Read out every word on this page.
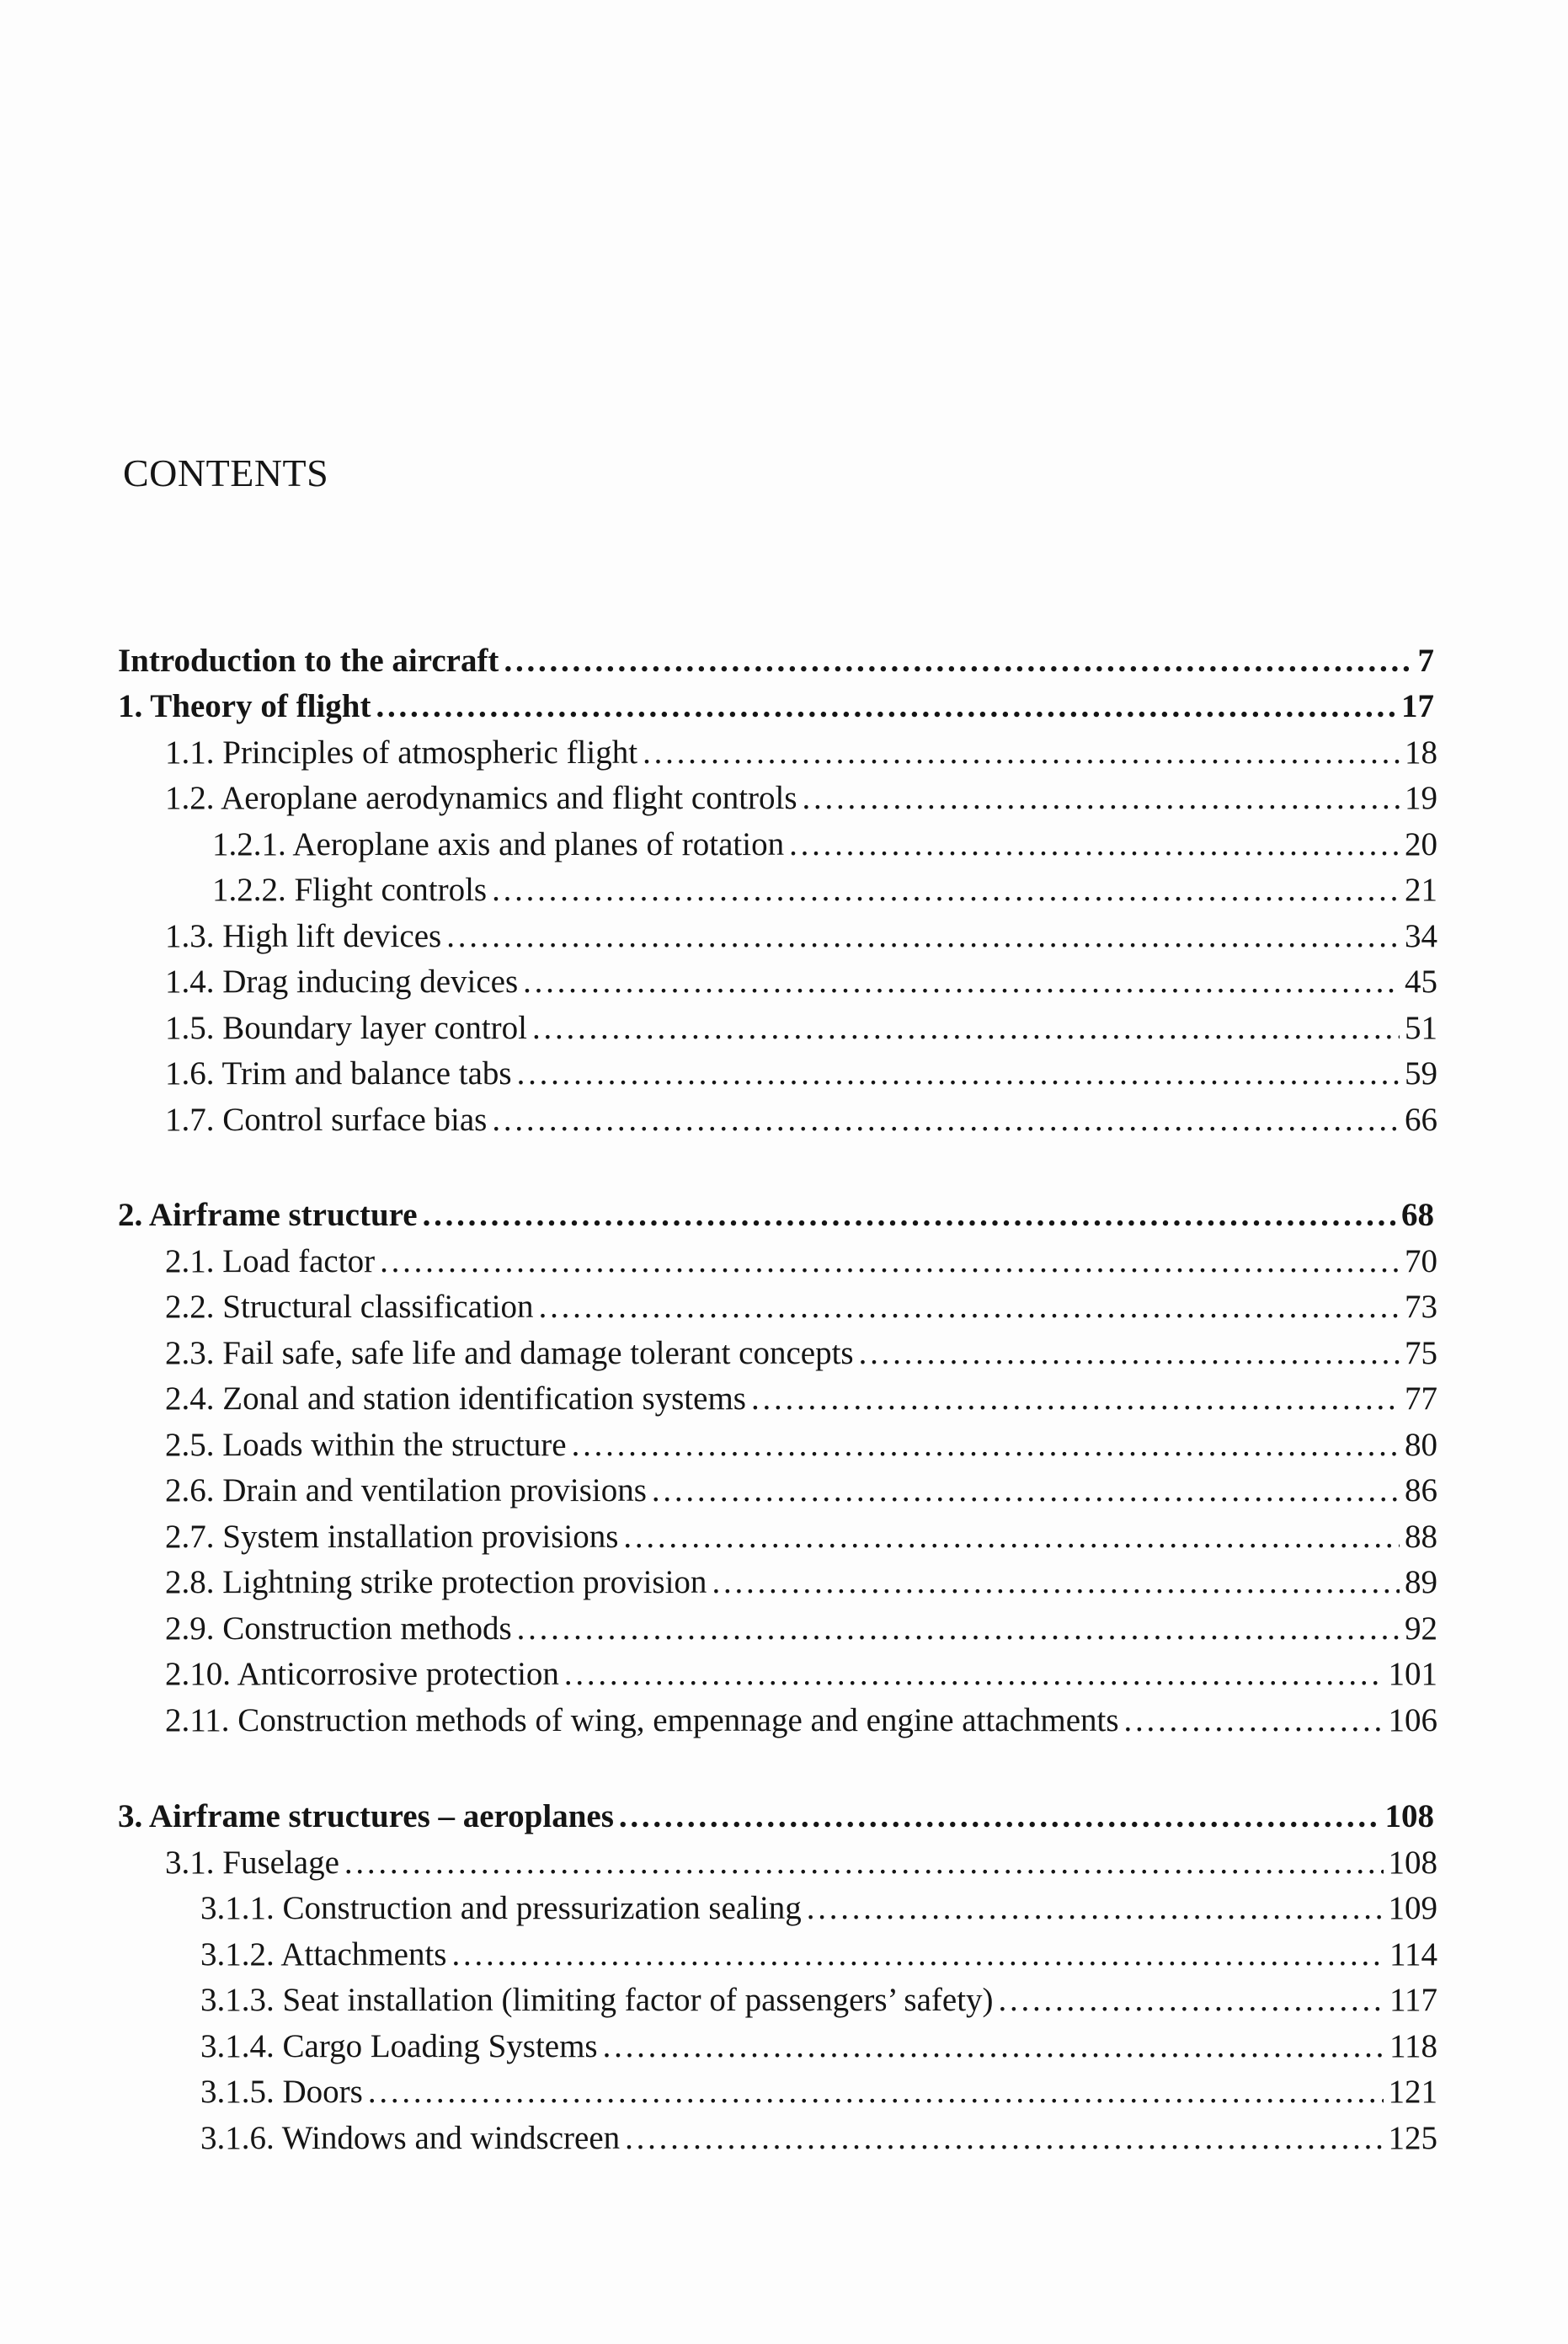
CONTENTS
Introduction to the aircraft . . .	7
1. Theory of flight . . .	17
1.1. Principles of atmospheric flight . . .	18
1.2. Aeroplane aerodynamics and flight controls . . .	19
1.2.1. Aeroplane axis and planes of rotation . . .	20
1.2.2. Flight controls . . .	21
1.3. High lift devices . . .	34
1.4. Drag inducing devices . . .	45
1.5. Boundary layer control . . .	51
1.6. Trim and balance tabs . . .	59
1.7. Control surface bias . . .	66
2. Airframe structure . . .	68
2.1. Load factor . . .	70
2.2. Structural classification . . .	73
2.3. Fail safe, safe life and damage tolerant concepts . . .	75
2.4. Zonal and station identification systems . . .	77
2.5. Loads within the structure . . .	80
2.6. Drain and ventilation provisions . . .	86
2.7. System installation provisions . . .	88
2.8. Lightning strike protection provision . . .	89
2.9. Construction methods . . .	92
2.10. Anticorrosive protection . . .	101
2.11. Construction methods of wing, empennage and engine attachments . . .	106
3. Airframe structures – aeroplanes . . .	108
3.1. Fuselage . . .	108
3.1.1. Construction and pressurization sealing . . .	109
3.1.2. Attachments . . .	114
3.1.3. Seat installation (limiting factor of passengers’ safety) . . .	117
3.1.4. Cargo Loading Systems . . .	118
3.1.5. Doors . . .	121
3.1.6. Windows and windscreen . . .	125
